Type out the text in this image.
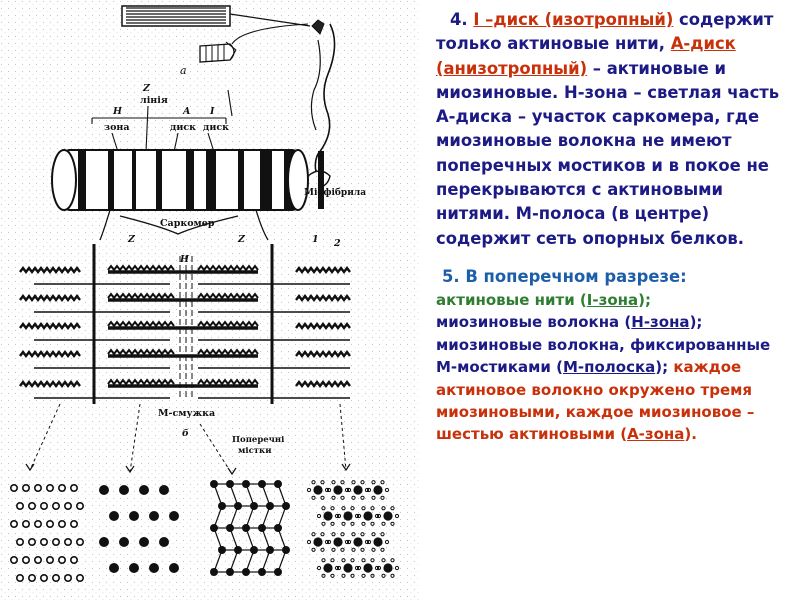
а
Z
лінія
H
зона
A
диск
I
диск
Міофібрила
Саркомер
Z	Z
H
1 2
М-смужка
б
Поперечні
містки

4. I –диск (изотропный) содержит только актиновые нити, А-диск (анизотропный) – актиновые и миозиновые. H-зона – светлая часть А-диска – участок саркомера, где миозиновые волокна не имеют поперечных мостиков и в покое не перекрываются с актиновыми нитями. М-полоса (в центре) содержит сеть опорных белков.

5. В поперечном разрезе:
актиновые нити (I-зона);
миозиновые волокна (Н-зона); миозиновые волокна, фиксированные М-мостиками (М-полоска); каждое актиновое волокно окружено тремя миозиновыми, каждое миозиновое – шестью актиновыми (А-зона).
